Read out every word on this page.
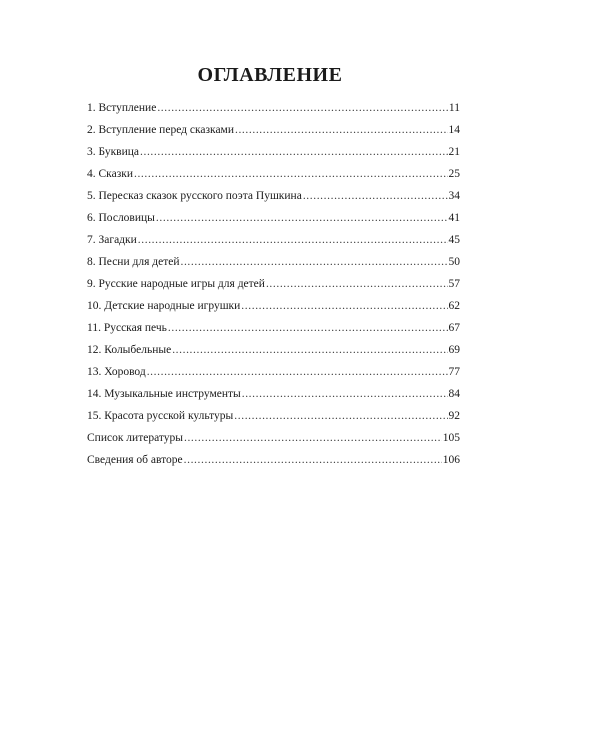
ОГЛАВЛЕНИЕ
1. Вступление .....	11
2. Вступление перед сказками .....	14
3. Буквица .....	21
4. Сказки .....	25
5. Пересказ сказок русского поэта Пушкина .....	34
6. Пословицы .....	41
7. Загадки .....	45
8. Песни для детей .....	50
9. Русские народные игры для детей .....	57
10. Детские народные игрушки .....	62
11. Русская печь .....	67
12. Колыбельные .....	69
13. Хоровод .....	77
14. Музыкальные инструменты .....	84
15. Красота русской культуры .....	92
Список литературы .....	105
Сведения об авторе .....	106
